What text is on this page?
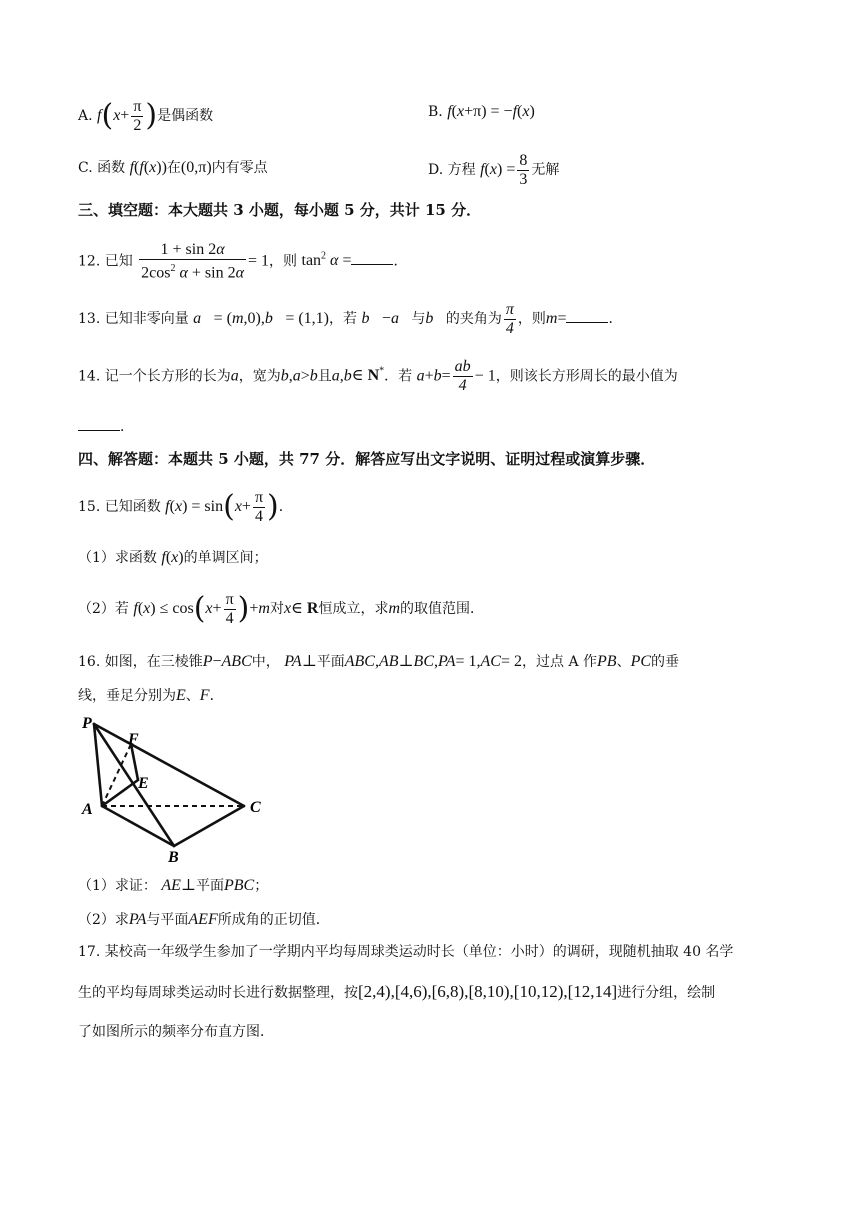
A. $f(x+ \frac{\pi}{2}$ )是偶函数	B. f(x+π) = −f(x)
C. 函数 f(f(x))在(0,π)内有零点	D. 方程 $f(x) = \frac{8}{3}$ 无解
三、填空题：本大题共 3 小题，每小题 5 分，共计 15 分．
12. 已知 $\frac{1 + \sin 2\alpha}{2\cos^2 \alpha + \sin 2\alpha} = 1$，则 $\tan^2 \alpha$ =	．
13. 已知非零向量 a⃗= (m,0),b⃗= (1,1)，若 b⃗−a⃗与b⃗的夹角为 $\frac{\pi}{4}$ ，则m=	．
14. 记一个长方形的长为a，宽为b,a>b且a,b∈ N*．若 $a+b= \frac{ab}{4} - 1$，则该长方形周长的最小值为
．
四、解答题：本题共 5 小题，共 77 分．解答应写出文字说明、证明过程或演算步骤．
15. 已知函数 $f(x) = \sin(x+ \frac{\pi}{4}$ )．
（1）求函数 f(x)的单调区间；
（2）若 $f(x) \le \cos(x+ \frac{\pi}{4} )+m$对x∈ R恒成立，求m的取值范围．
16. 如图，在三棱锥P−ABC中， PA⊥平面ABC,AB⊥BC,PA= 1,AC= 2，过点 A 作PB、PC的垂
线，垂足分别为E、F．
P
F
E
A	C
B
（1）求证： AE⊥平面PBC；
（2）求PA与平面AEF所成角的正切值．
17. 某校高一年级学生参加了一学期内平均每周球类运动时长（单位：小时）的调研，现随机抽取 40 名学
生的平均每周球类运动时长进行数据整理，按[2,4),[4,6),[6,8),[8,10),[10,12),[12,14]进行分组，绘制
了如图所示的频率分布直方图．
